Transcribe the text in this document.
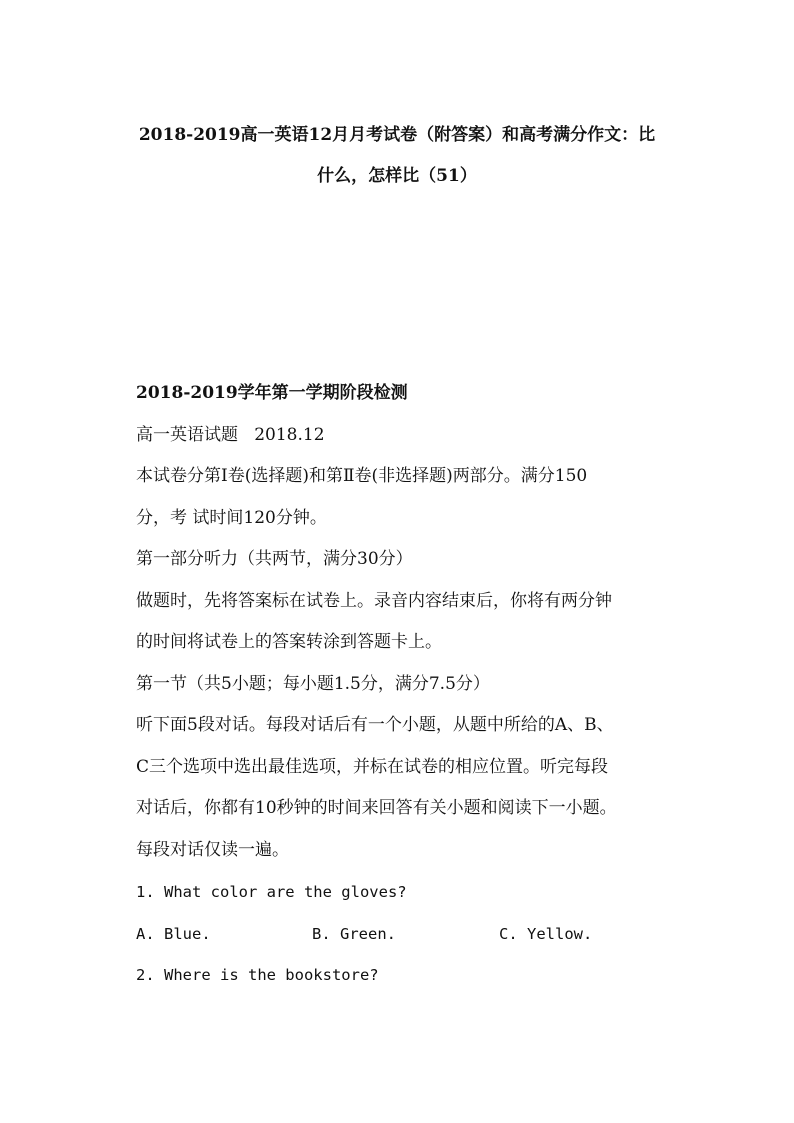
2018-2019高一英语12月月考试卷（附答案）和高考满分作文：比
什么，怎样比（51）
2018-2019学年第一学期阶段检测
高一英语试题   2018.12
本试卷分第Ⅰ卷(选择题)和第Ⅱ卷(非选择题)两部分。满分150
分，考 试时间120分钟。
第一部分听力（共两节，满分30分）
做题时，先将答案标在试卷上。录音内容结束后，你将有两分钟
的时间将试卷上的答案转涂到答题卡上。
第一节（共5小题；每小题1.5分，满分7.5分）
听下面5段对话。每段对话后有一个小题，从题中所给的A、B、
C三个选项中选出最佳选项，并标在试卷的相应位置。听完每段
对话后，你都有10秒钟的时间来回答有关小题和阅读下一小题。
每段对话仅读一遍。
1. What color are the gloves?
A. Blue.	B. Green.	C. Yellow.
2. Where is the bookstore?
